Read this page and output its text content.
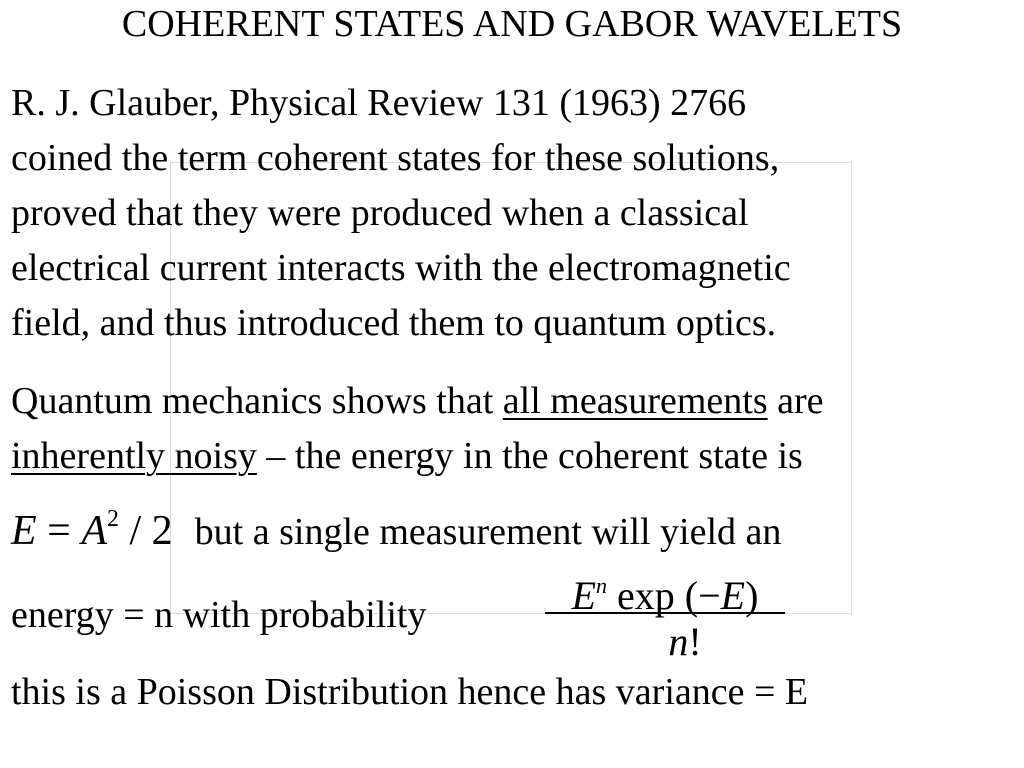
COHERENT STATES AND GABOR WAVELETS

R. J. Glauber, Physical Review 131 (1963) 2766
coined the term coherent states for these solutions,
proved that they were produced when a classical
electrical current interacts with the electromagnetic
field, and thus introduced them to quantum optics.

Quantum mechanics shows that all measurements are
inherently noisy – the energy in the coherent state is

$E = A^2 / 2$ but a single measurement will yield an
energy = n with probability	$\frac{E^n \exp (-E)}{n!}$
this is a Poisson Distribution hence has variance = E
